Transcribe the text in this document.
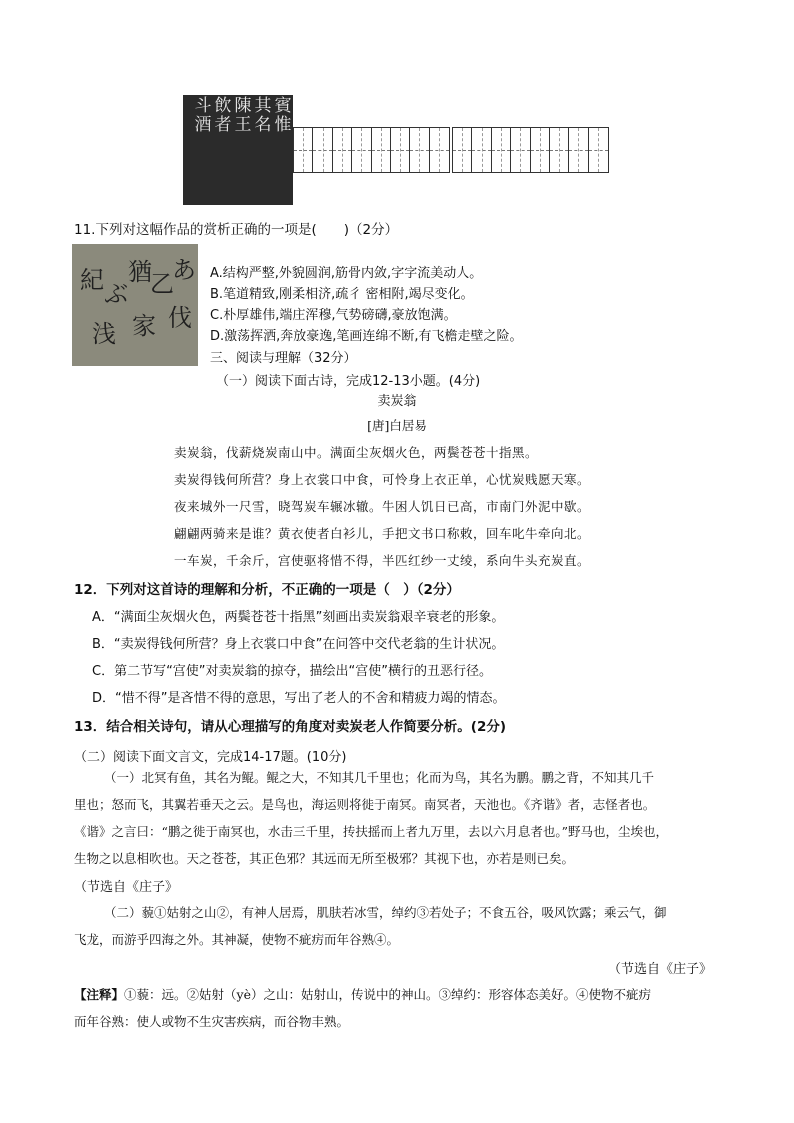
賓
惟
其
名
陳
王
飲
者
斗
酒
11.下列对这幅作品的赏析正确的一项是(　　)（2分）
あ
乙
猶
ぶ
紀
伐
家
浅
A.结构严整,外貌圆润,筋骨内敛,字字流美动人。
B.笔道精致,刚柔相济,疏彳 密相附,竭尽变化。
C.朴厚雄伟,端庄浑穆,气势磅礴,豪放饱满。
D.激荡挥洒,奔放豪逸,笔画连绵不断,有飞檐走壁之险。
三、阅读与理解（32分）
（一）阅读下面古诗，完成12-13小题。(4分)
卖炭翁
[唐]白居易
卖炭翁，伐薪烧炭南山中。满面尘灰烟火色，两鬓苍苍十指黑。
卖炭得钱何所营？身上衣裳口中食，可怜身上衣正单，心忧炭贱愿天寒。
夜来城外一尺雪，晓驾炭车辗冰辙。牛困人饥日已高，市南门外泥中歇。
翩翩两骑来是谁？黄衣使者白衫儿，手把文书口称敕，回车叱牛牵向北。
一车炭，千余斤，宫使驱将惜不得，半匹红纱一丈绫，系向牛头充炭直。
12．下列对这首诗的理解和分析，不正确的一项是（　）（2分）
A．“满面尘灰烟火色，两鬓苍苍十指黑”刻画出卖炭翁艰辛衰老的形象。
B．“卖炭得钱何所营？身上衣裳口中食”在问答中交代老翁的生计状况。
C．第二节写“宫使”对卖炭翁的掠夺，描绘出“宫使”横行的丑恶行径。
D．“惜不得”是吝惜不得的意思，写出了老人的不舍和精疲力竭的情态。
13．结合相关诗句，请从心理描写的角度对卖炭老人作简要分析。(2分)
（二）阅读下面文言文，完成14-17题。(10分)
（一）北冥有鱼，其名为鲲。鲲之大，不知其几千里也；化而为鸟，其名为鹏。鹏之背，不知其几千
里也；怒而飞，其翼若垂天之云。是鸟也，海运则将徙于南冥。南冥者，天池也。《齐谐》者，志怪者也。
《谐》之言曰：“鹏之徙于南冥也，水击三千里，抟扶摇而上者九万里，去以六月息者也。”野马也，尘埃也，
生物之以息相吹也。天之苍苍，其正色邪？其远而无所至极邪？其视下也，亦若是则已矣。
（节选自《庄子》
（二）藐①姑射之山②，有神人居焉，肌肤若冰雪，绰约③若处子；不食五谷，吸风饮露；乘云气，御
飞龙，而游乎四海之外。其神凝，使物不疵疠而年谷熟④。
（节选自《庄子》
【注释】①藐：远。②姑射（yè）之山：姑射山，传说中的神山。③绰约：形容体态美好。④使物不疵疠
而年谷熟：使人或物不生灾害疾病，而谷物丰熟。
